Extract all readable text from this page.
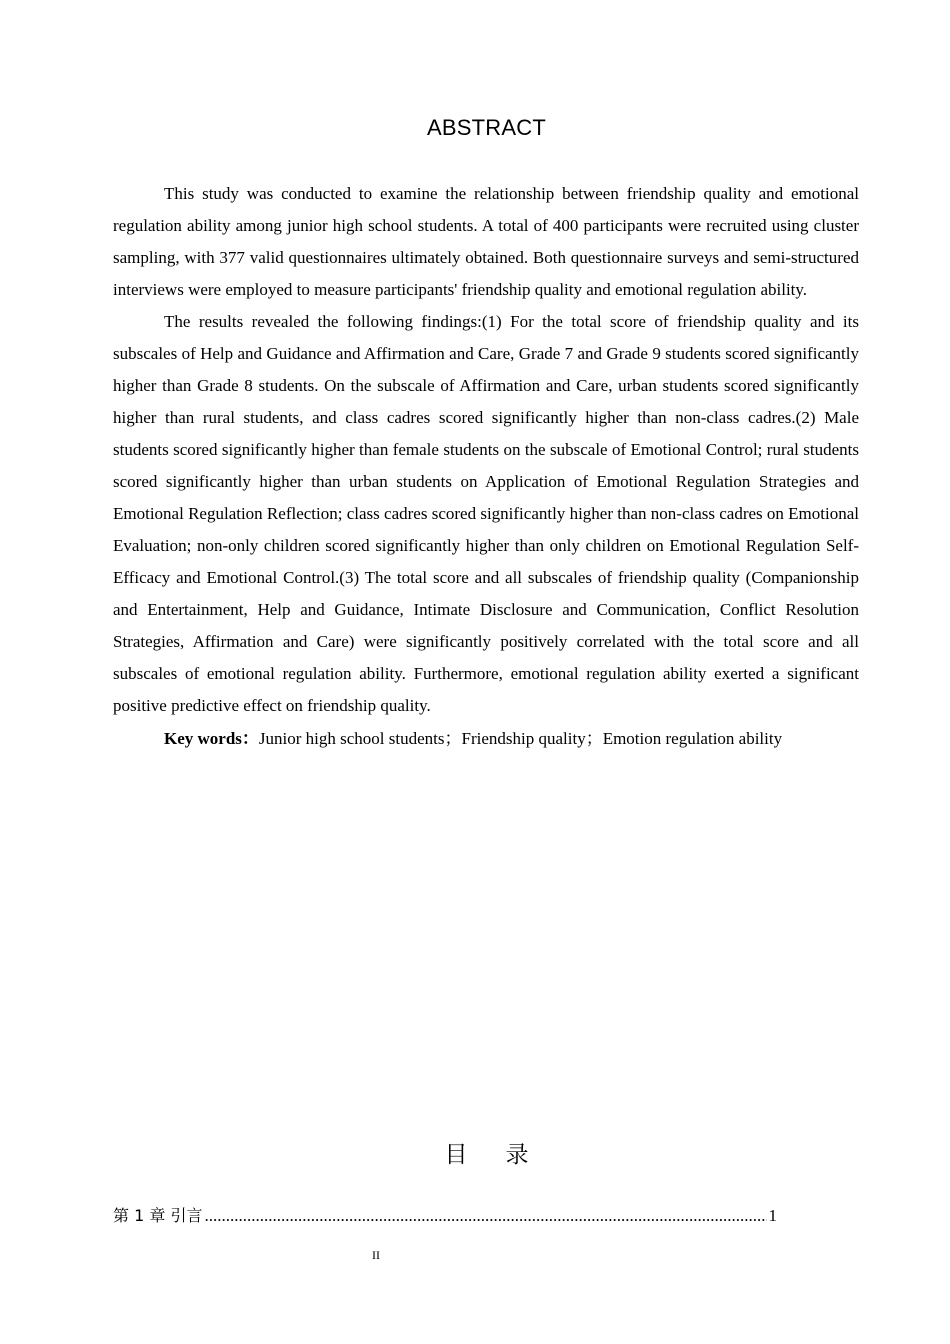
ABSTRACT

This study was conducted to examine the relationship between friendship quality and emotional regulation ability among junior high school students. A total of 400 participants were recruited using cluster sampling, with 377 valid questionnaires ultimately obtained. Both questionnaire surveys and semi-structured interviews were employed to measure participants' friendship quality and emotional regulation ability.

The results revealed the following findings:(1) For the total score of friendship quality and its subscales of Help and Guidance and Affirmation and Care, Grade 7 and Grade 9 students scored significantly higher than Grade 8 students. On the subscale of Affirmation and Care, urban students scored significantly higher than rural students, and class cadres scored significantly higher than non-class cadres.(2) Male students scored significantly higher than female students on the subscale of Emotional Control; rural students scored significantly higher than urban students on Application of Emotional Regulation Strategies and Emotional Regulation Reflection; class cadres scored significantly higher than non-class cadres on Emotional Evaluation; non-only children scored significantly higher than only children on Emotional Regulation Self-Efficacy and Emotional Control.(3) The total score and all subscales of friendship quality (Companionship and Entertainment, Help and Guidance, Intimate Disclosure and Communication, Conflict Resolution Strategies, Affirmation and Care) were significantly positively correlated with the total score and all subscales of emotional regulation ability. Furthermore, emotional regulation ability exerted a significant positive predictive effect on friendship quality.

Key words：Junior high school students；Friendship quality；Emotion regulation ability

目录
第 1 章 引言
.....	1
II
